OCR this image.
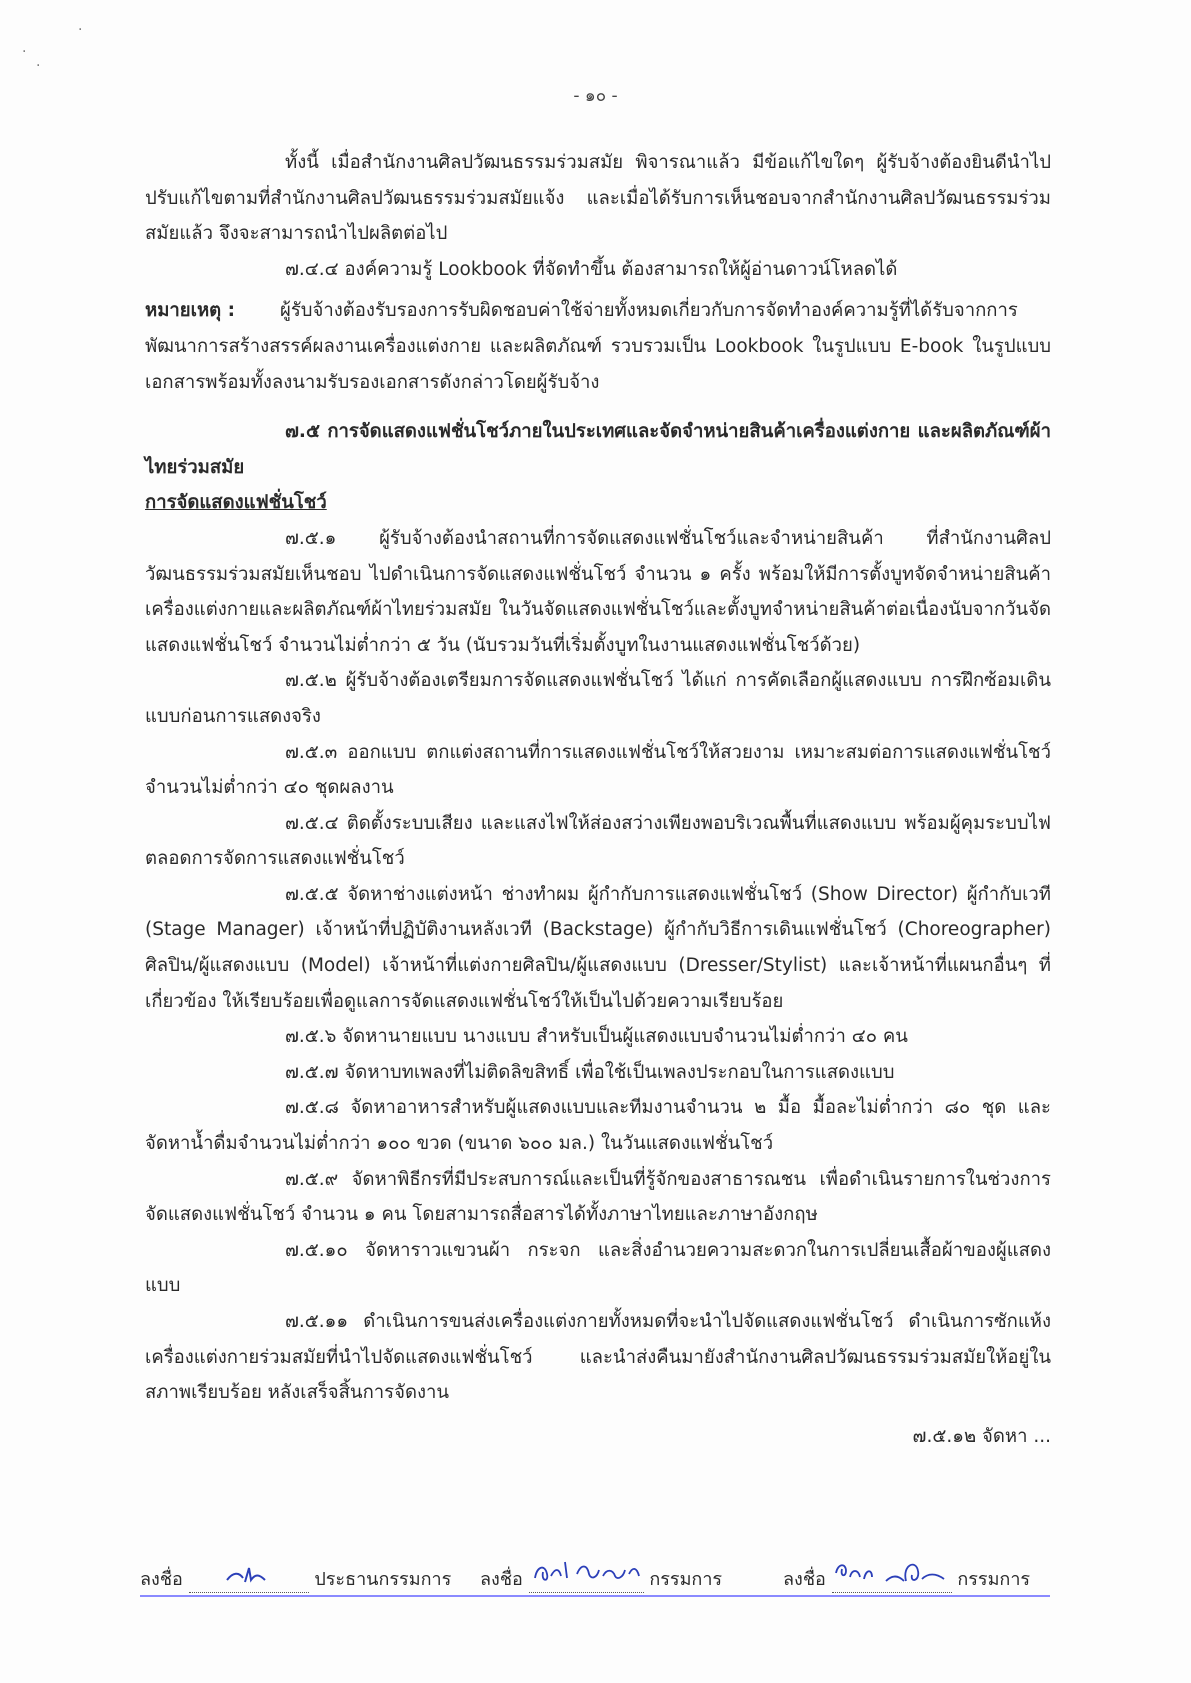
·
·
·
- ๑๐ -

ทั้งนี้ เมื่อสำนักงานศิลปวัฒนธรรมร่วมสมัย พิจารณาแล้ว มีข้อแก้ไขใดๆ ผู้รับจ้างต้องยินดีนำไปปรับแก้ไขตามที่สำนักงานศิลปวัฒนธรรมร่วมสมัยแจ้ง และเมื่อได้รับการเห็นชอบจากสำนักงานศิลปวัฒนธรรมร่วมสมัยแล้ว จึงจะสามารถนำไปผลิตต่อไป

๗.๔.๔ องค์ความรู้ Lookbook ที่จัดทำขึ้น ต้องสามารถให้ผู้อ่านดาวน์โหลดได้

หมายเหตุ : ผู้รับจ้างต้องรับรองการรับผิดชอบค่าใช้จ่ายทั้งหมดเกี่ยวกับการจัดทำองค์ความรู้ที่ได้รับจากการพัฒนาการสร้างสรรค์ผลงานเครื่องแต่งกาย และผลิตภัณฑ์ รวบรวมเป็น Lookbook ในรูปแบบ E-book ในรูปแบบเอกสารพร้อมทั้งลงนามรับรองเอกสารดังกล่าวโดยผู้รับจ้าง

๗.๕ การจัดแสดงแฟชั่นโชว์ภายในประเทศและจัดจำหน่ายสินค้าเครื่องแต่งกาย และผลิตภัณฑ์ผ้าไทยร่วมสมัย

การจัดแสดงแฟชั่นโชว์

๗.๕.๑ ผู้รับจ้างต้องนำสถานที่การจัดแสดงแฟชั่นโชว์และจำหน่ายสินค้า ที่สำนักงานศิลปวัฒนธรรมร่วมสมัยเห็นชอบ ไปดำเนินการจัดแสดงแฟชั่นโชว์ จำนวน ๑ ครั้ง พร้อมให้มีการตั้งบูทจัดจำหน่ายสินค้า เครื่องแต่งกายและผลิตภัณฑ์ผ้าไทยร่วมสมัย ในวันจัดแสดงแฟชั่นโชว์และตั้งบูทจำหน่ายสินค้าต่อเนื่องนับจากวันจัดแสดงแฟชั่นโชว์ จำนวนไม่ต่ำกว่า ๕ วัน (นับรวมวันที่เริ่มตั้งบูทในงานแสดงแฟชั่นโชว์ด้วย)

๗.๕.๒ ผู้รับจ้างต้องเตรียมการจัดแสดงแฟชั่นโชว์ ได้แก่ การคัดเลือกผู้แสดงแบบ การฝึกซ้อมเดินแบบก่อนการแสดงจริง

๗.๕.๓ ออกแบบ ตกแต่งสถานที่การแสดงแฟชั่นโชว์ให้สวยงาม เหมาะสมต่อการแสดงแฟชั่นโชว์จำนวนไม่ต่ำกว่า ๔๐ ชุดผลงาน

๗.๕.๔ ติดตั้งระบบเสียง และแสงไฟให้ส่องสว่างเพียงพอบริเวณพื้นที่แสดงแบบ พร้อมผู้คุมระบบไฟตลอดการจัดการแสดงแฟชั่นโชว์

๗.๕.๕ จัดหาช่างแต่งหน้า ช่างทำผม ผู้กำกับการแสดงแฟชั่นโชว์ (Show Director) ผู้กำกับเวที (Stage Manager) เจ้าหน้าที่ปฏิบัติงานหลังเวที (Backstage) ผู้กำกับวิธีการเดินแฟชั่นโชว์ (Choreographer) ศิลปิน/ผู้แสดงแบบ (Model) เจ้าหน้าที่แต่งกายศิลปิน/ผู้แสดงแบบ (Dresser/Stylist) และเจ้าหน้าที่แผนกอื่นๆ ที่เกี่ยวข้อง ให้เรียบร้อยเพื่อดูแลการจัดแสดงแฟชั่นโชว์ให้เป็นไปด้วยความเรียบร้อย

๗.๕.๖ จัดหานายแบบ นางแบบ สำหรับเป็นผู้แสดงแบบจำนวนไม่ต่ำกว่า ๔๐ คน

๗.๕.๗ จัดหาบทเพลงที่ไม่ติดลิขสิทธิ์ เพื่อใช้เป็นเพลงประกอบในการแสดงแบบ

๗.๕.๘ จัดหาอาหารสำหรับผู้แสดงแบบและทีมงานจำนวน ๒ มื้อ มื้อละไม่ต่ำกว่า ๘๐ ชุด และจัดหาน้ำดื่มจำนวนไม่ต่ำกว่า ๑๐๐ ขวด (ขนาด ๖๐๐ มล.) ในวันแสดงแฟชั่นโชว์

๗.๕.๙ จัดหาพิธีกรที่มีประสบการณ์และเป็นที่รู้จักของสาธารณชน เพื่อดำเนินรายการในช่วงการจัดแสดงแฟชั่นโชว์ จำนวน ๑ คน โดยสามารถสื่อสารได้ทั้งภาษาไทยและภาษาอังกฤษ

๗.๕.๑๐ จัดหาราวแขวนผ้า กระจก และสิ่งอำนวยความสะดวกในการเปลี่ยนเสื้อผ้าของผู้แสดงแบบ

๗.๕.๑๑ ดำเนินการขนส่งเครื่องแต่งกายทั้งหมดที่จะนำไปจัดแสดงแฟชั่นโชว์ ดำเนินการซักแห้งเครื่องแต่งกายร่วมสมัยที่นำไปจัดแสดงแฟชั่นโชว์ และนำส่งคืนมายังสำนักงานศิลปวัฒนธรรมร่วมสมัยให้อยู่ในสภาพเรียบร้อย หลังเสร็จสิ้นการจัดงาน

๗.๕.๑๒ จัดหา ...

ลงชื่อ	ประธานกรรมการ ลงชื่อ	กรรมการ	ลงชื่อ	กรรมการ
